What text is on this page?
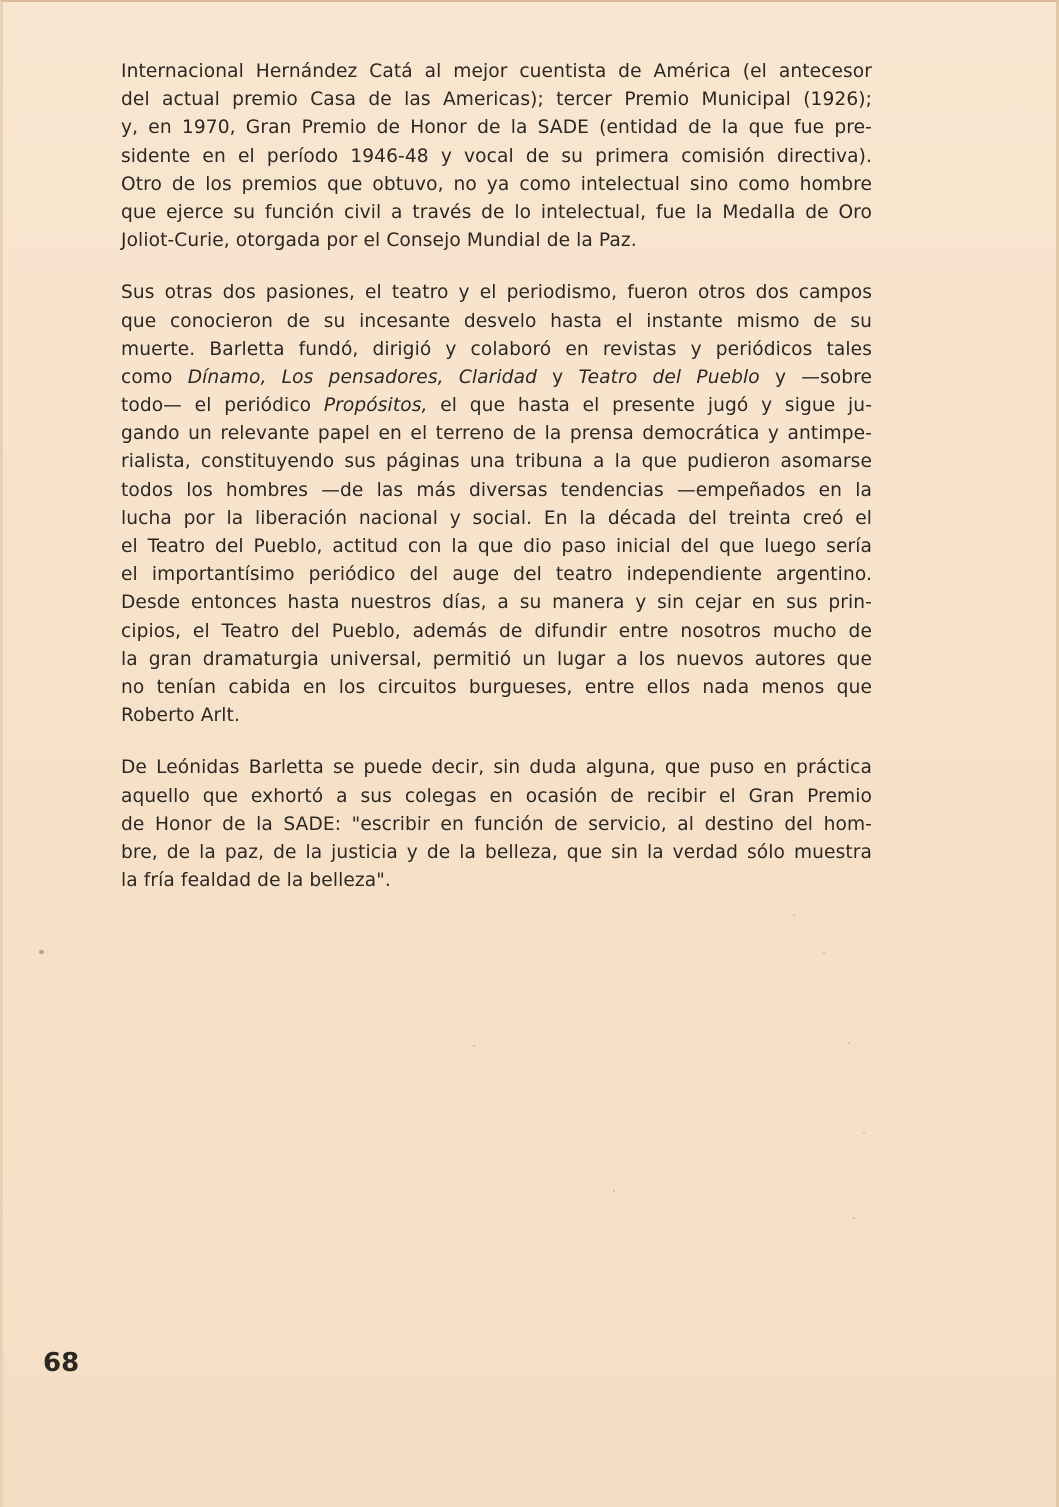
Internacional Hernández Catá al mejor cuentista de América (el antecesor
del actual premio Casa de las Americas); tercer Premio Municipal (1926);
y, en 1970, Gran Premio de Honor de la SADE (entidad de la que fue pre-
sidente en el período 1946-48 y vocal de su primera comisión directiva).
Otro de los premios que obtuvo, no ya como intelectual sino como hombre
que ejerce su función civil a través de lo intelectual, fue la Medalla de Oro
Joliot-Curie, otorgada por el Consejo Mundial de la Paz.
Sus otras dos pasiones, el teatro y el periodismo, fueron otros dos campos
que conocieron de su incesante desvelo hasta el instante mismo de su
muerte. Barletta fundó, dirigió y colaboró en revistas y periódicos tales
como Dínamo, Los pensadores, Claridad y Teatro del Pueblo y —sobre
todo— el periódico Propósitos, el que hasta el presente jugó y sigue ju-
gando un relevante papel en el terreno de la prensa democrática y antimpe-
rialista, constituyendo sus páginas una tribuna a la que pudieron asomarse
todos los hombres —de las más diversas tendencias —empeñados en la
lucha por la liberación nacional y social. En la década del treinta creó el
el Teatro del Pueblo, actitud con la que dio paso inicial del que luego sería
el importantísimo periódico del auge del teatro independiente argentino.
Desde entonces hasta nuestros días, a su manera y sin cejar en sus prin-
cipios, el Teatro del Pueblo, además de difundir entre nosotros mucho de
la gran dramaturgia universal, permitió un lugar a los nuevos autores que
no tenían cabida en los circuitos burgueses, entre ellos nada menos que
Roberto Arlt.
De Leónidas Barletta se puede decir, sin duda alguna, que puso en práctica
aquello que exhortó a sus colegas en ocasión de recibir el Gran Premio
de Honor de la SADE: "escribir en función de servicio, al destino del hom-
bre, de la paz, de la justicia y de la belleza, que sin la verdad sólo muestra
la fría fealdad de la belleza".
68
